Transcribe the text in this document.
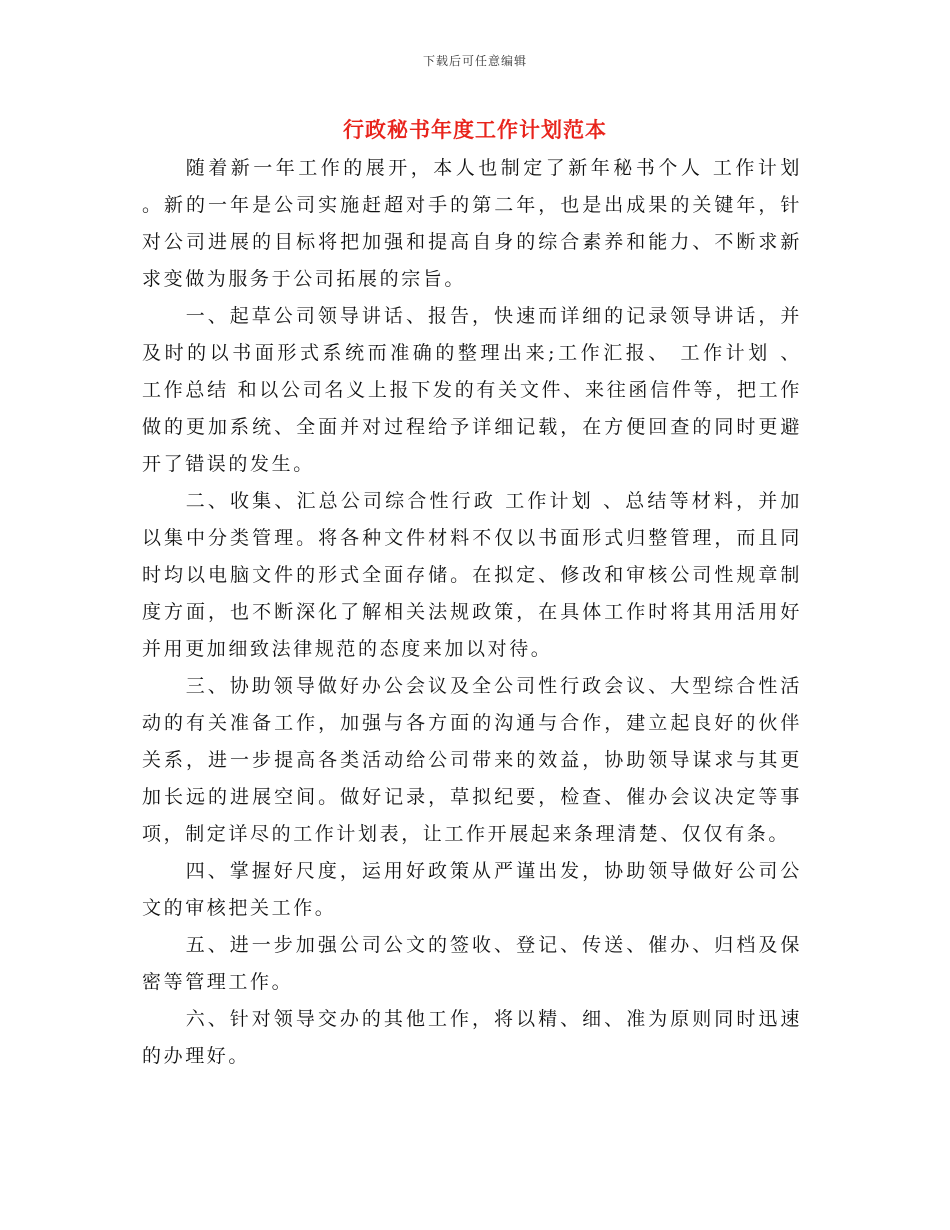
下载后可任意编辑
行政秘书年度工作计划范本

随着新一年工作的展开，本人也制定了新年秘书个人 工作计划 。新的一年是公司实施赶超对手的第二年，也是出成果的关键年，针对公司进展的目标将把加强和提高自身的综合素养和能力、不断求新求变做为服务于公司拓展的宗旨。

一、起草公司领导讲话、报告，快速而详细的记录领导讲话，并及时的以书面形式系统而准确的整理出来;工作汇报、 工作计划 、 工作总结 和以公司名义上报下发的有关文件、来往函信件等，把工作做的更加系统、全面并对过程给予详细记载，在方便回查的同时更避开了错误的发生。

二、收集、汇总公司综合性行政 工作计划 、总结等材料，并加以集中分类管理。将各种文件材料不仅以书面形式归整管理，而且同时均以电脑文件的形式全面存储。在拟定、修改和审核公司性规章制度方面，也不断深化了解相关法规政策，在具体工作时将其用活用好并用更加细致法律规范的态度来加以对待。

三、协助领导做好办公会议及全公司性行政会议、大型综合性活动的有关准备工作，加强与各方面的沟通与合作，建立起良好的伙伴关系，进一步提高各类活动给公司带来的效益，协助领导谋求与其更加长远的进展空间。做好记录，草拟纪要，检查、催办会议决定等事项，制定详尽的工作计划表，让工作开展起来条理清楚、仅仅有条。

四、掌握好尺度，运用好政策从严谨出发，协助领导做好公司公文的审核把关工作。

五、进一步加强公司公文的签收、登记、传送、催办、归档及保密等管理工作。

六、针对领导交办的其他工作，将以精、细、准为原则同时迅速的办理好。
